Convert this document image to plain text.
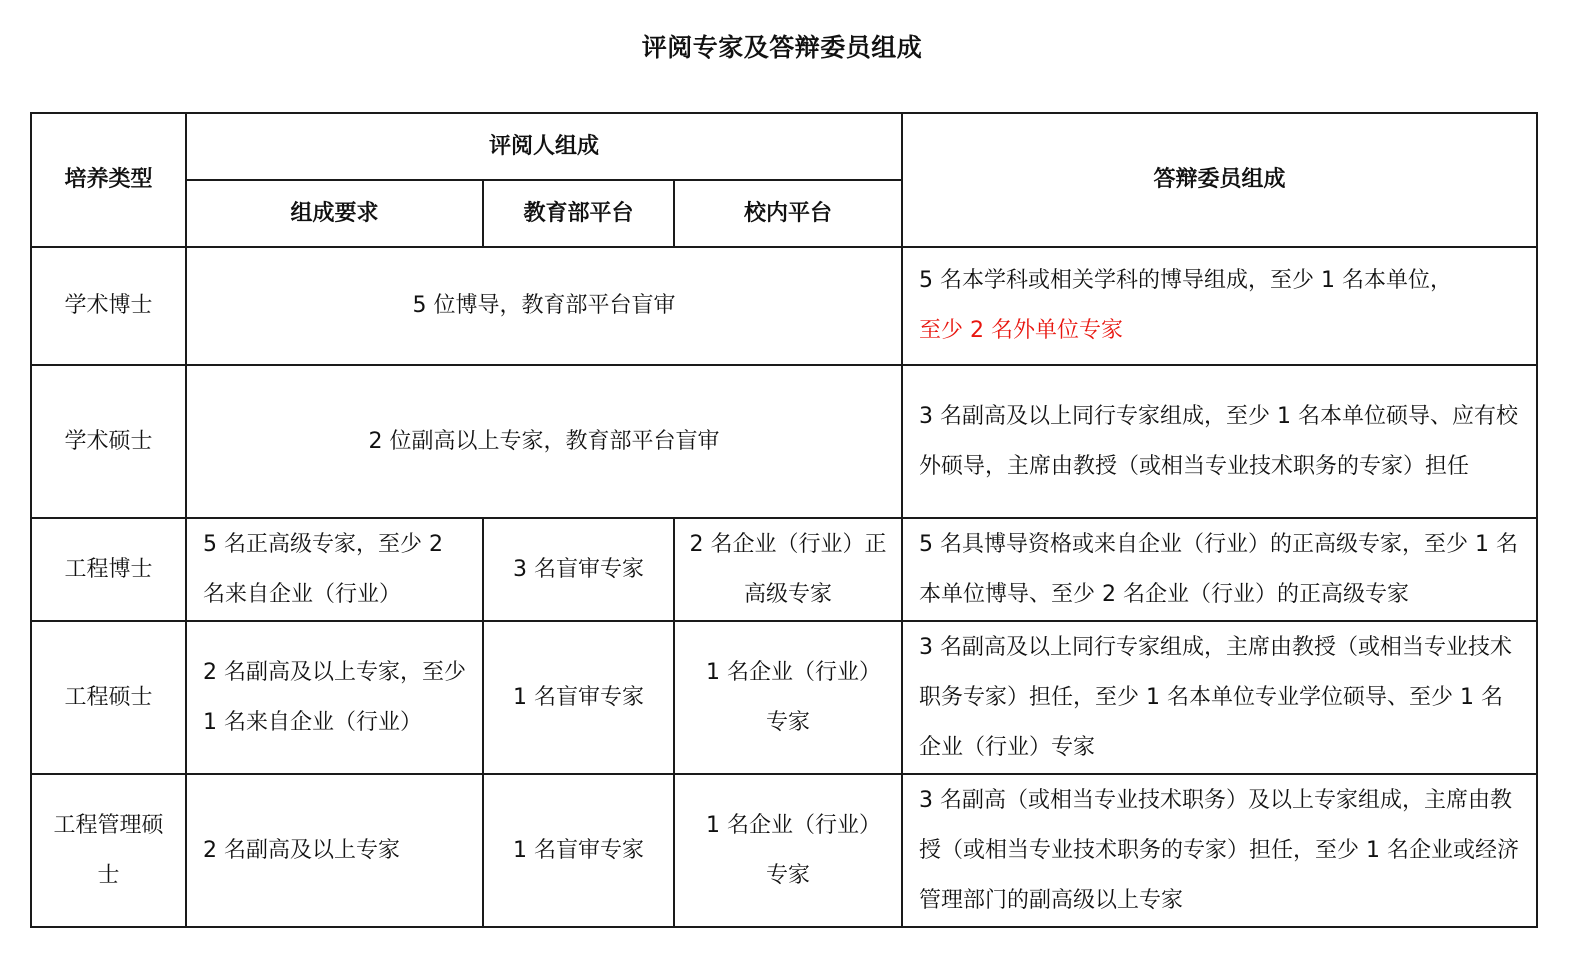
评阅专家及答辩委员组成
培养类型	评阅人组成			答辩委员组成
	组成要求	教育部平台	校内平台	
学术博士	5 位博导，教育部平台盲审			5 名本学科或相关学科的博导组成，至少 1 名本单位，
至少 2 名外单位专家
学术硕士	2 位副高以上专家，教育部平台盲审			3 名副高及以上同行专家组成，至少 1 名本单位硕导、应有校外硕导，主席由教授（或相当专业技术职务的专家）担任
工程博士	5 名正高级专家，至少 2 名来自企业（行业）	3 名盲审专家	2 名企业（行业）正高级专家	5 名具博导资格或来自企业（行业）的正高级专家，至少 1 名本单位博导、至少 2 名企业（行业）的正高级专家
工程硕士	2 名副高及以上专家，至少 1 名来自企业（行业）	1 名盲审专家	1 名企业（行业）专家	3 名副高及以上同行专家组成，主席由教授（或相当专业技术职务专家）担任，至少 1 名本单位专业学位硕导、至少 1 名企业（行业）专家
工程管理硕士	2 名副高及以上专家	1 名盲审专家	1 名企业（行业）专家	3 名副高（或相当专业技术职务）及以上专家组成，主席由教授（或相当专业技术职务的专家）担任，至少 1 名企业或经济管理部门的副高级以上专家
